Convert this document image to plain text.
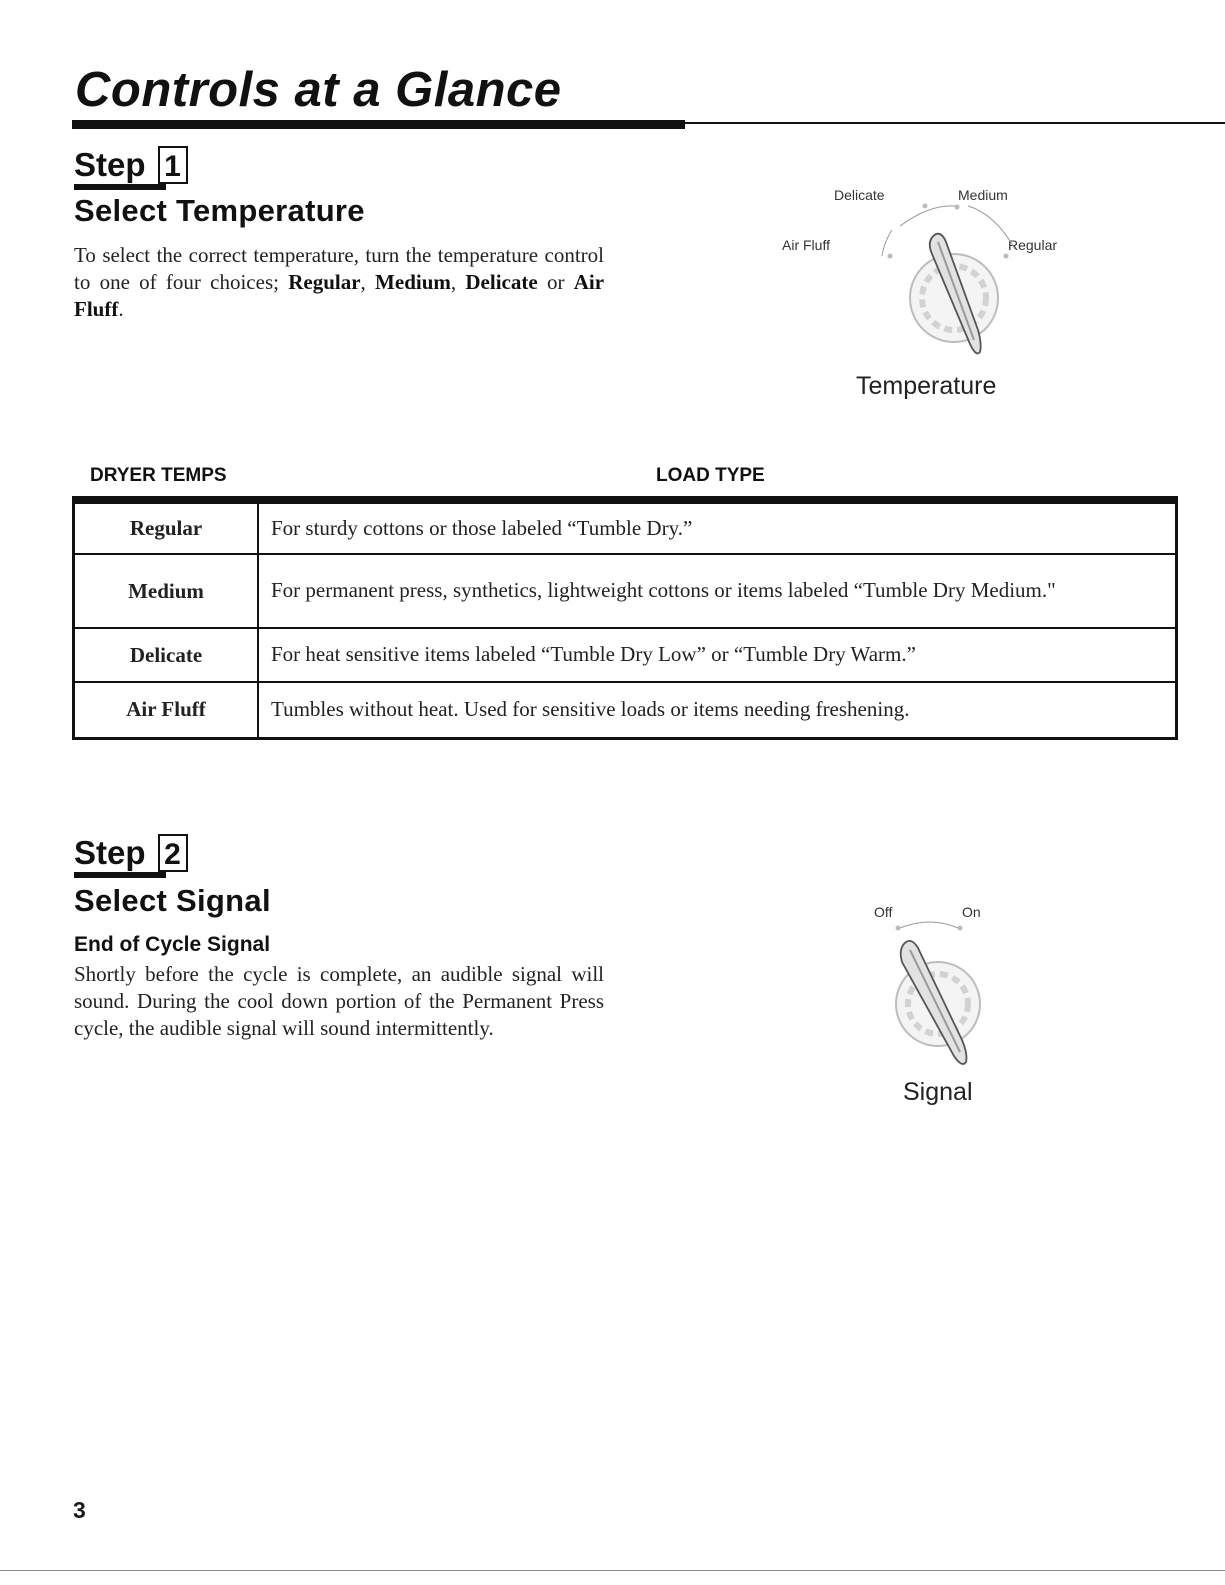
Controls at a Glance
Step 1
Select Temperature

To select the correct temperature, turn the temperature control to one of four choices; Regular, Medium, Delicate or Air Fluff.

Delicate	Medium
Air Fluff	Regular
Temperature
DRYER TEMPS	LOAD TYPE
Regular	For sturdy cottons or those labeled “Tumble Dry.”
Medium	For permanent press, synthetics, lightweight cottons or items labeled “Tumble Dry Medium."
Delicate	For heat sensitive items labeled “Tumble Dry Low” or “Tumble Dry Warm.”
Air Fluff	Tumbles without heat. Used for sensitive loads or items needing freshening.
Step 2
Select Signal
End of Cycle Signal

Shortly before the cycle is complete, an audible signal will sound. During the cool down portion of the Permanent Press cycle, the audible signal will sound intermittently.

Off	On
Signal
3
